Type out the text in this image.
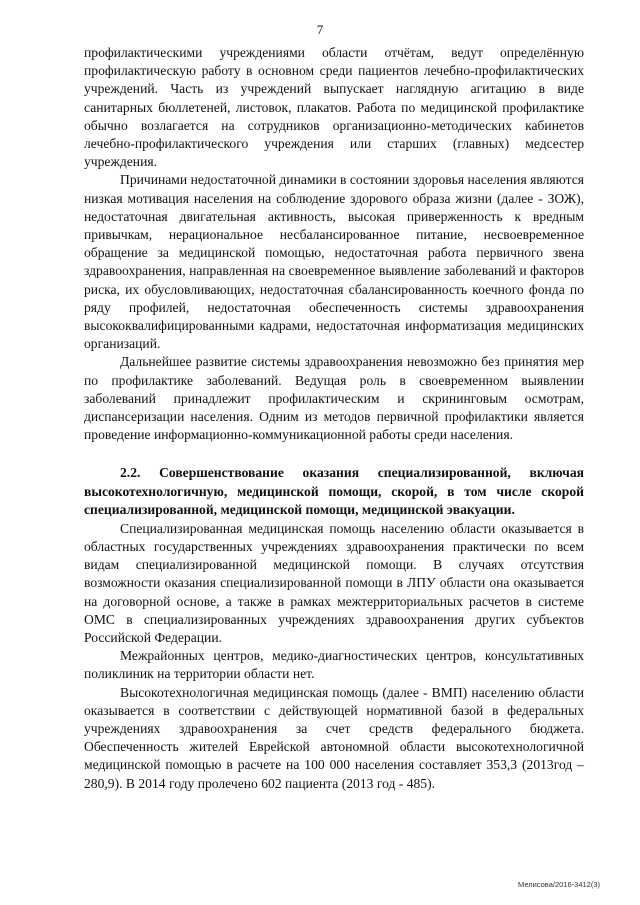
7

профилактическими учреждениями области отчётам, ведут определённую профилактическую работу в основном среди пациентов лечебно-профилактических учреждений. Часть из учреждений выпускает наглядную агитацию в виде санитарных бюллетеней, листовок, плакатов. Работа по медицинской профилактике обычно возлагается на сотрудников организационно-методических кабинетов лечебно-профилактического учреждения или старших (главных) медсестер учреждения.

Причинами недостаточной динамики в состоянии здоровья населения являются низкая мотивация населения на соблюдение здорового образа жизни (далее - ЗОЖ), недостаточная двигательная активность, высокая приверженность к вредным привычкам, нерациональное несбалансированное питание, несвоевременное обращение за медицинской помощью, недостаточная работа первичного звена здравоохранения, направленная на своевременное выявление заболеваний и факторов риска, их обусловливающих, недостаточная сбалансированность коечного фонда по ряду профилей, недостаточная обеспеченность системы здравоохранения высококвалифицированными кадрами, недостаточная информатизация медицинских организаций.

Дальнейшее развитие системы здравоохранения невозможно без принятия мер по профилактике заболеваний. Ведущая роль в своевременном выявлении заболеваний принадлежит профилактическим и скрининговым осмотрам, диспансеризации населения. Одним из методов первичной профилактики является проведение информационно-коммуникационной работы среди населения.

2.2. Совершенствование оказания специализированной, включая высокотехнологичную, медицинской помощи, скорой, в том числе скорой специализированной, медицинской помощи, медицинской эвакуации.

Специализированная медицинская помощь населению области оказывается в областных государственных учреждениях здравоохранения практически по всем видам специализированной медицинской помощи. В случаях отсутствия возможности оказания специализированной помощи в ЛПУ области она оказывается на договорной основе, а также в рамках межтерриториальных расчетов в системе ОМС в специализированных учреждениях здравоохранения других субъектов Российской Федерации.

Межрайонных центров, медико-диагностических центров, консультативных поликлиник на территории области нет.

Высокотехнологичная медицинская помощь (далее - ВМП) населению области оказывается в соответствии с действующей нормативной базой в федеральных учреждениях здравоохранения за счет средств федерального бюджета. Обеспеченность жителей Еврейской автономной области высокотехнологичной медицинской помощью в расчете на 100 000 населения составляет 353,3 (2013год – 280,9). В 2014 году пролечено 602 пациента (2013 год - 485).

Мелисова/2016-3412(3)
